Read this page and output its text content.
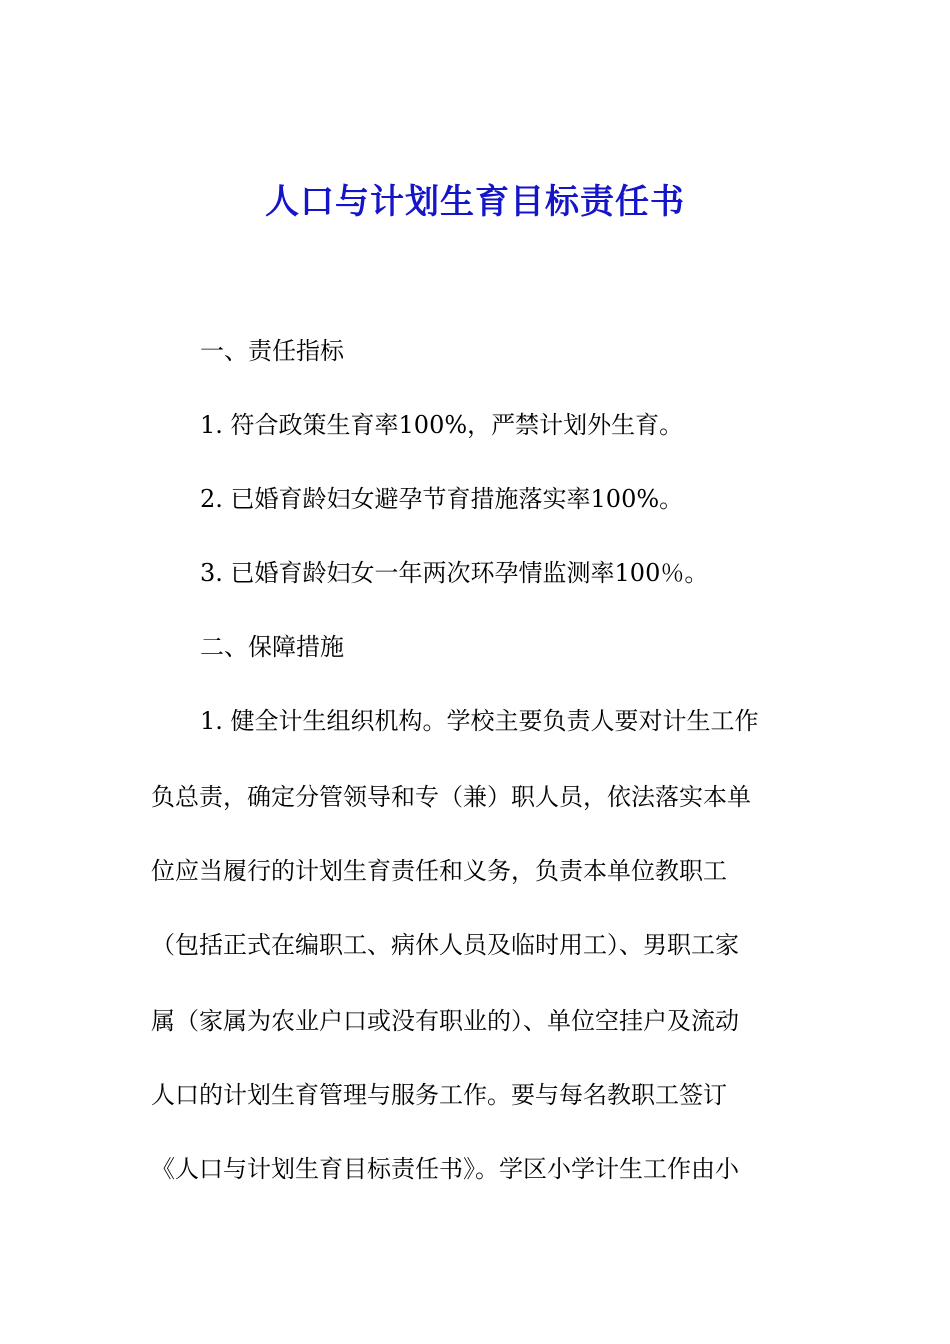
人口与计划生育目标责任书
一、责任指标
1. 符合政策生育率100%，严禁计划外生育。
2. 已婚育龄妇女避孕节育措施落实率100%。
3. 已婚育龄妇女一年两次环孕情监测率100％。
二、保障措施
1. 健全计生组织机构。学校主要负责人要对计生工作
负总责，确定分管领导和专（兼）职人员，依法落实本单
位应当履行的计划生育责任和义务，负责本单位教职工
（包括正式在编职工、病休人员及临时用工）、男职工家
属（家属为农业户口或没有职业的）、单位空挂户及流动
人口的计划生育管理与服务工作。要与每名教职工签订
《人口与计划生育目标责任书》。学区小学计生工作由小
